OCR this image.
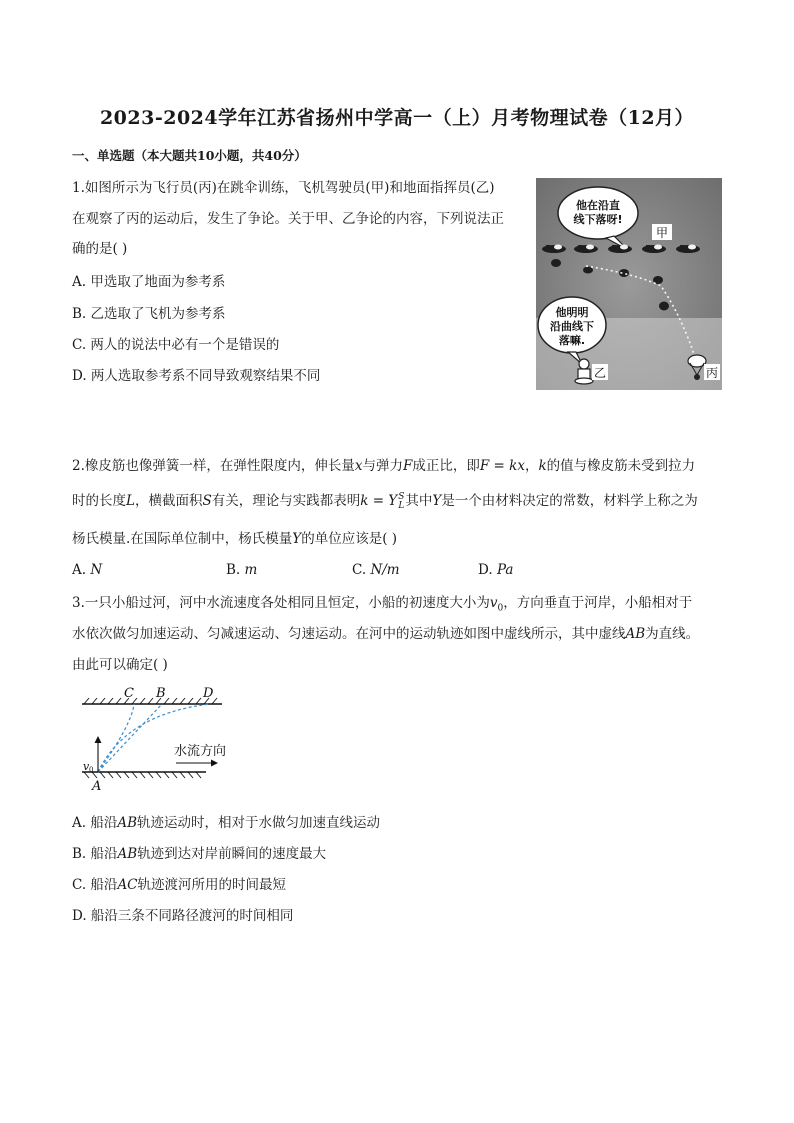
2023-2024学年江苏省扬州中学高一（上）月考物理试卷（12月）
一、单选题（本大题共10小题，共40分）
1.如图所示为飞行员(丙)在跳伞训练，飞机驾驶员(甲)和地面指挥员(乙)
在观察了丙的运动后，发生了争论。关于甲、乙争论的内容，下列说法正
确的是( )
A. 甲选取了地面为参考系
B. 乙选取了飞机为参考系
C. 两人的说法中必有一个是错误的
D. 两人选取参考系不同导致观察结果不同
他在沿直
线下落呀!
甲
丙
他明明
沿曲线下
落嘛.
乙
2.橡皮筋也像弹簧一样，在弹性限度内，伸长量x与弹力F成正比，即F = kx，k的值与橡皮筋未受到拉力
时的长度L，横截面积S有关，理论与实践都表明k = Y S
L 其中Y是一个由材料决定的常数，材料学上称之为
杨氏模量.在国际单位制中，杨氏模量Y的单位应该是( )
A. N	B. m	C. N/m	D. Pa
3.一只小船过河，河中水流速度各处相同且恒定，小船的初速度大小为$v_0$，方向垂直于河岸，小船相对于
水依次做匀加速运动、匀减速运动、匀速运动。在河中的运动轨迹如图中虚线所示，其中虚线AB为直线。
由此可以确定( )
C B	D
A
v 0
水流方向
A. 船沿AB轨迹运动时，相对于水做匀加速直线运动
B. 船沿AB轨迹到达对岸前瞬间的速度最大
C. 船沿AC轨迹渡河所用的时间最短
D. 船沿三条不同路径渡河的时间相同
